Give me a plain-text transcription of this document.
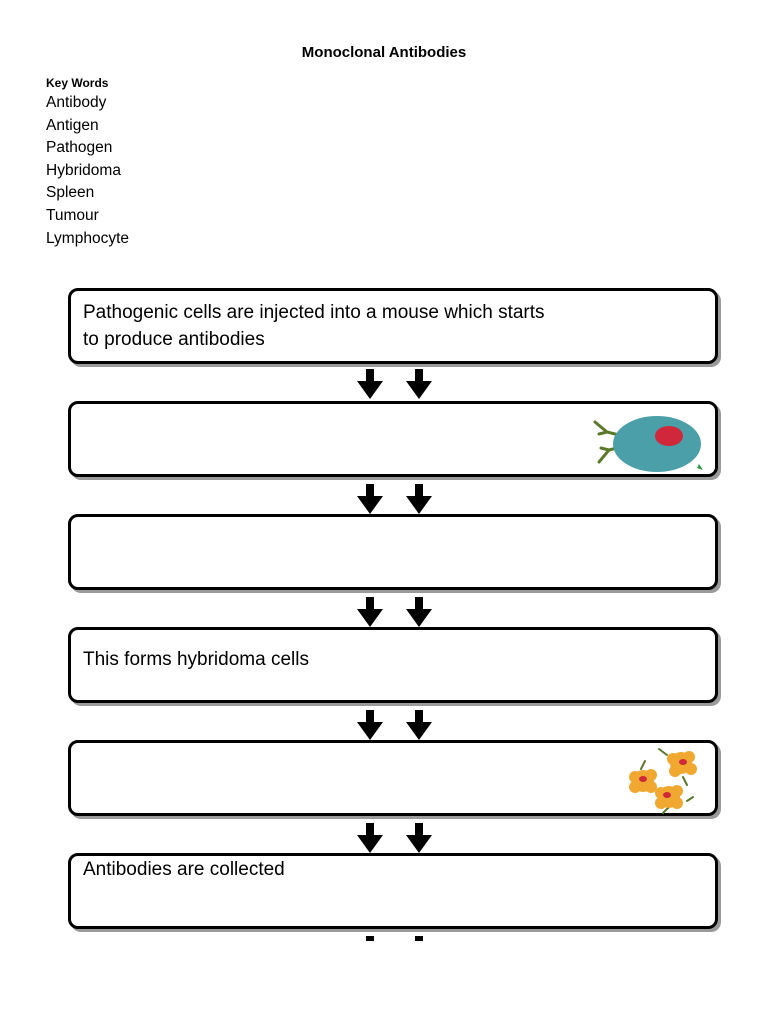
Monoclonal Antibodies
Key Words
Antibody
Antigen
Pathogen
Hybridoma
Spleen
Tumour
Lymphocyte

Pathogenic cells are injected into a mouse which starts to produce antibodies

This forms hybridoma cells

Antibodies are collected
